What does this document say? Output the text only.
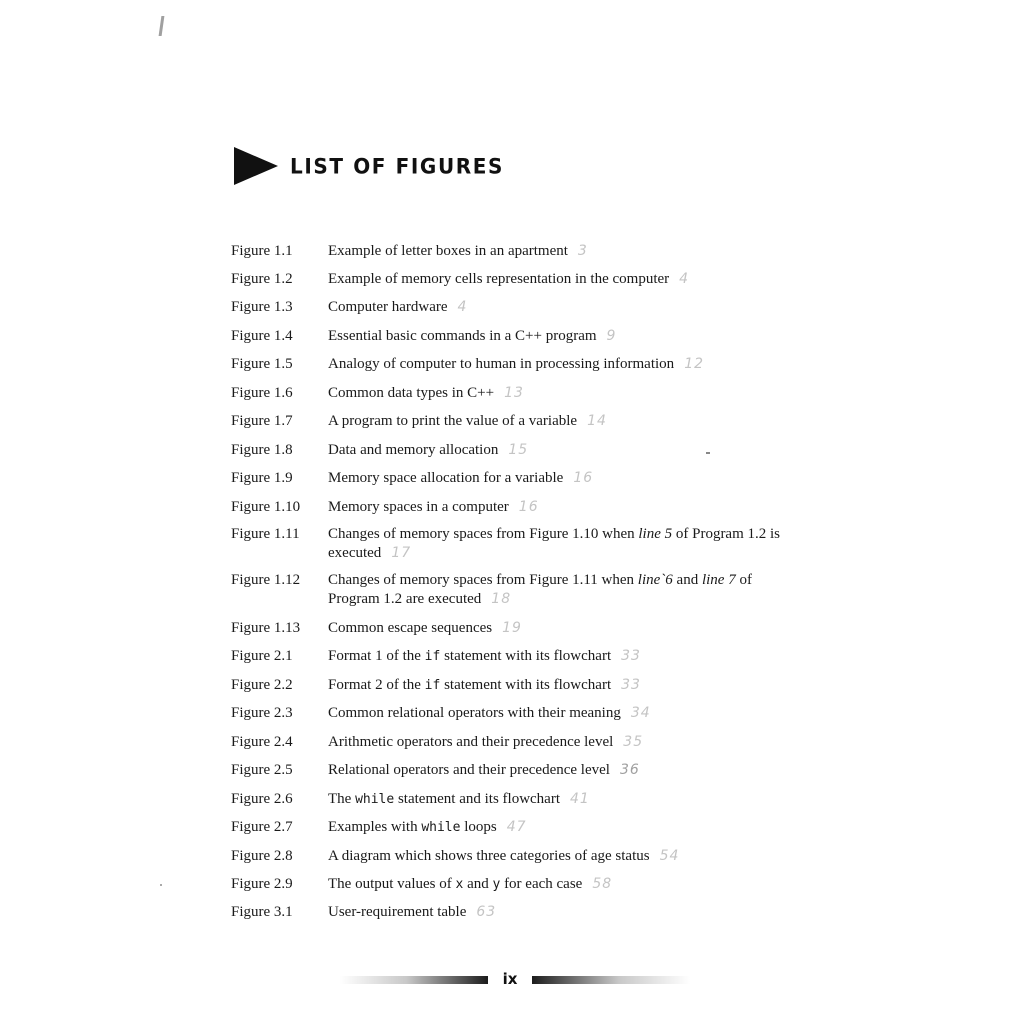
LIST OF FIGURES
Figure 1.1 Example of letter boxes in an apartment 3
Figure 1.2 Example of memory cells representation in the computer 4
Figure 1.3 Computer hardware 4
Figure 1.4 Essential basic commands in a C++ program 9
Figure 1.5 Analogy of computer to human in processing information 12
Figure 1.6 Common data types in C++ 13
Figure 1.7 A program to print the value of a variable 14
Figure 1.8 Data and memory allocation 15
Figure 1.9 Memory space allocation for a variable 16
Figure 1.10 Memory spaces in a computer 16
Figure 1.11 Changes of memory spaces from Figure 1.10 when line 5 of Program 1.2 is executed 17
Figure 1.12 Changes of memory spaces from Figure 1.11 when line`6 and line 7 of Program 1.2 are executed 18
Figure 1.13 Common escape sequences 19
Figure 2.1 Format 1 of the if statement with its flowchart 33
Figure 2.2 Format 2 of the if statement with its flowchart 33
Figure 2.3 Common relational operators with their meaning 34
Figure 2.4 Arithmetic operators and their precedence level 35
Figure 2.5 Relational operators and their precedence level 36
Figure 2.6 The while statement and its flowchart 41
Figure 2.7 Examples with while loops 47
Figure 2.8 A diagram which shows three categories of age status 54
Figure 2.9 The output values of x and y for each case 58
Figure 3.1 User-requirement table 63
ix
